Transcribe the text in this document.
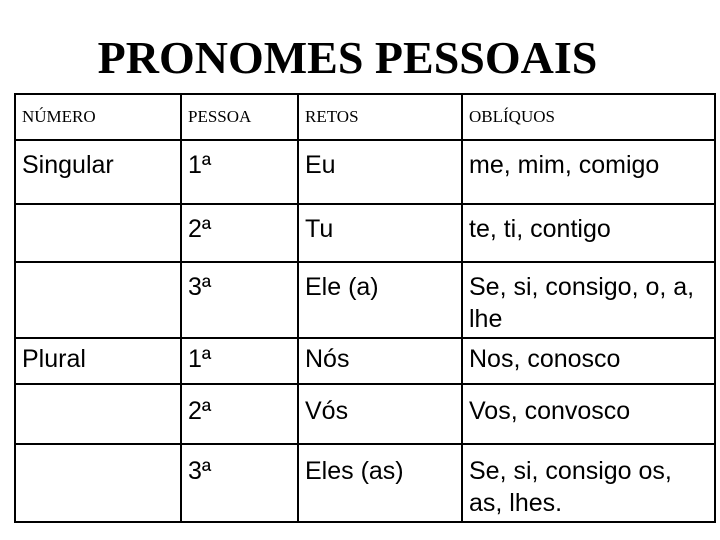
PRONOMES PESSOAIS
NÚMERO	PESSOA	RETOS	OBLÍQUOS
Singular	1ª	Eu	me, mim, comigo
	2ª	Tu	te, ti, contigo
	3ª	Ele (a)	Se, si, consigo, o, a, lhe
Plural	1ª	Nós	Nos, conosco
	2ª	Vós	Vos, convosco
	3ª	Eles (as)	Se, si, consigo os, as, lhes.
